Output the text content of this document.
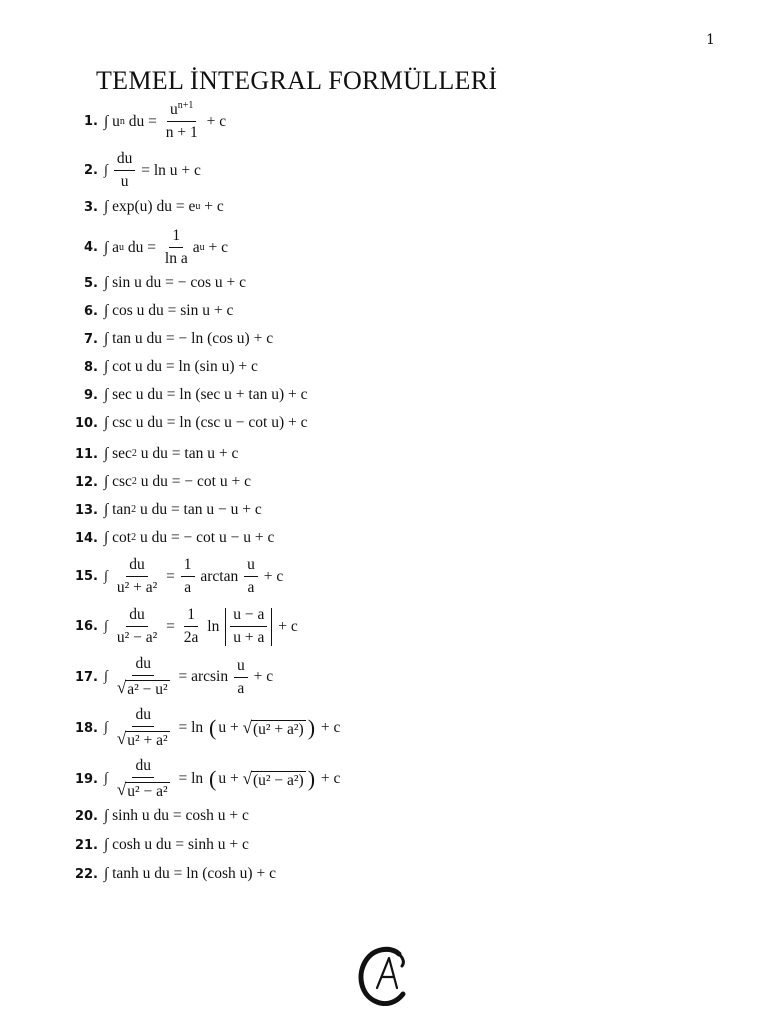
1
TEMEL İNTEGRAL FORMÜLLERİ
1. ∫ u n du = $\frac{u^{n+1}}{n + 1} + c$
2. ∫ $\frac{du}{u} = \ln u + c$
3. ∫ exp(u) du = e u + c
4. ∫ a u du = $\frac{1}{\text{ln a}}$ a u + c
5. ∫ sin u du = − cos u + c
6. ∫ cos u du = sin u + c
7. ∫ tan u du = − ln (cos u) + c
8. ∫ cot u du = ln (sin u) + c
9. ∫ sec u du = ln (sec u + tan u) + c
10. ∫ csc u du = ln (csc u − cot u) + c
11. ∫ sec 2 u du = tan u + c
12. ∫ csc 2 u du = − cot u + c
13. ∫ tan 2 u du = tan u − u + c
14. ∫ cot 2 u du = − cot u − u + c
15. ∫ $\frac{du}{\text{u² + a²}} = \frac{1}{a}$ $\arctan \frac{u}{a} + c$
16. ∫ $\frac{du}{\text{u² − a²}} = \frac{1}{2a}$ $\ln \frac{u - a}{u + a} + c$
17. ∫ $\frac{du}{\text{√ a² − u²}} = \arcsin \frac{u}{a} + c$
18. ∫ $\frac{du}{\text{√ u² + a²}} = \ln$ ( u + √ (u² + a²) ) + c
19. ∫ $\frac{du}{\text{√ u² − a²}} = \ln$ ( u + √ (u² − a²) ) + c
20. ∫ sinh u du = cosh u + c
21. ∫ cosh u du = sinh u + c
22. ∫ tanh u du = ln (cosh u) + c
